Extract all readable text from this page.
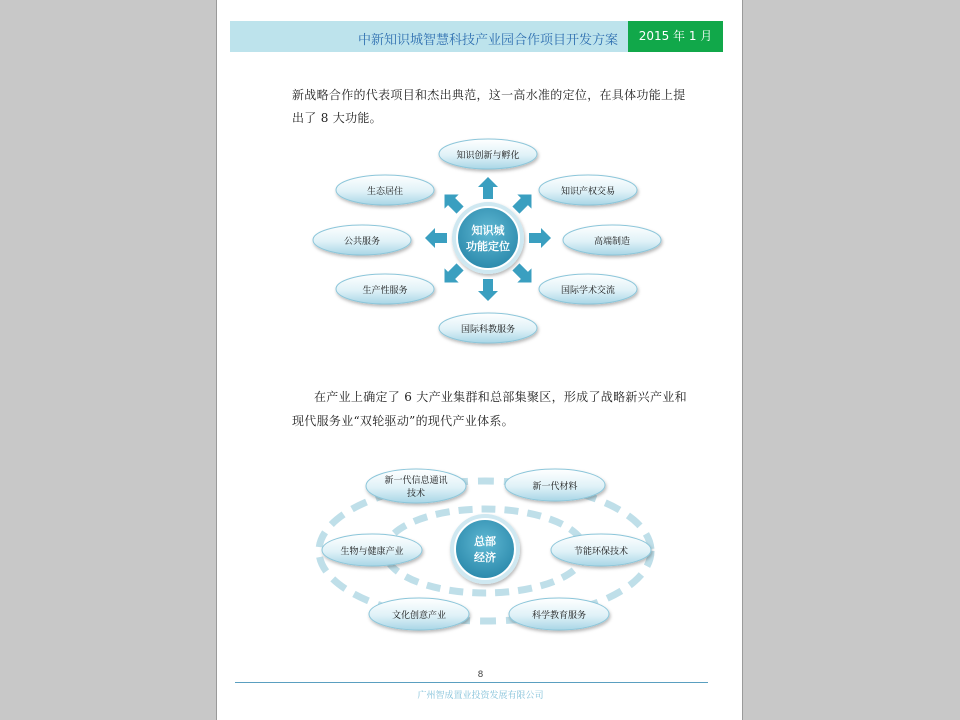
中新知识城智慧科技产业园合作项目开发方案	2015 年 1 月
新战略合作的代表项目和杰出典范，这一高水准的定位，在具体功能上提
出了 8 大功能。
知识城
功能定位
知识创新与孵化
知识产权交易
高端制造
国际学术交流
国际科教服务
生产性服务
公共服务
生态居住
总部
经济
新一代信息通讯
技术
新一代材料
节能环保技术
科学教育服务
文化创意产业
生物与健康产业
在产业上确定了 6 大产业集群和总部集聚区，形成了战略新兴产业和
现代服务业“双轮驱动”的现代产业体系。
8
广州智成置业投资发展有限公司
